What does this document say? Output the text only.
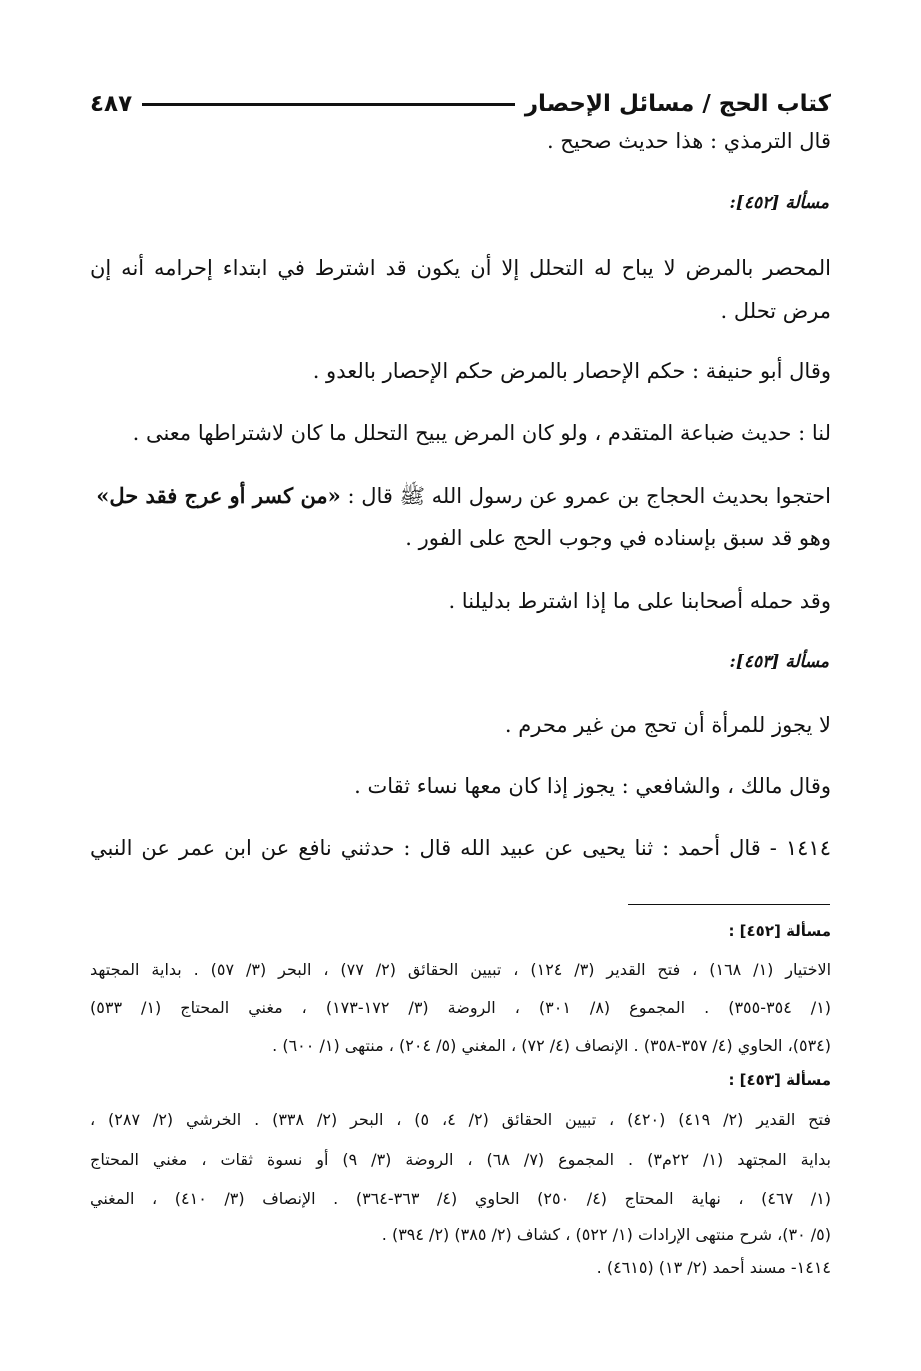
كتاب الحج / مسائل الإحصار
٤٨٧
قال الترمذي : هذا حديث صحيح .
مسألة [٤٥٢]:
المحصر بالمرض لا يباح له التحلل إلا أن يكون قد اشترط في ابتداء إحرامه أنه إن
مرض تحلل .
وقال أبو حنيفة : حكم الإحصار بالمرض حكم الإحصار بالعدو .
لنا : حديث ضباعة المتقدم ، ولو كان المرض يبيح التحلل ما كان لاشتراطها معنى .
احتجوا بحديث الحجاج بن عمرو عن رسول الله ﷺ قال : «من كسر أو عرج فقد حل»
وهو قد سبق بإسناده في وجوب الحج على الفور .
وقد حمله أصحابنا على ما إذا اشترط بدليلنا .
مسألة [٤٥٣]:
لا يجوز للمرأة أن تحج من غير محرم .
وقال مالك ، والشافعي : يجوز إذا كان معها نساء ثقات .
١٤١٤ - قال أحمد : ثنا يحيى عن عبيد الله قال : حدثني نافع عن ابن عمر عن النبي
مسألة [٤٥٢] :
الاختيار (١/ ١٦٨) ، فتح القدير (٣/ ١٢٤) ، تبيين الحقائق (٢/ ٧٧) ، البحر (٣/ ٥٧) . بداية المجتهد
(١/ ٣٥٤-٣٥٥) . المجموع (٨/ ٣٠١) ، الروضة (٣/ ١٧٢-١٧٣) ، مغني المحتاج (١/ ٥٣٣)
(٥٣٤)، الحاوي (٤/ ٣٥٧-٣٥٨) . الإنصاف (٤/ ٧٢) ، المغني (٥/ ٢٠٤) ، منتهى (١/ ٦٠٠) .
مسألة [٤٥٣] :
فتح القدير (٢/ ٤١٩) (٤٢٠) ، تبيين الحقائق (٢/ ٤، ٥) ، البحر (٢/ ٣٣٨) . الخرشي (٢/ ٢٨٧) ،
بداية المجتهد (١/ ٢٢م٣) . المجموع (٧/ ٦٨) ، الروضة (٣/ ٩) أو نسوة ثقات ، مغني المحتاج
(١/ ٤٦٧) ، نهاية المحتاج (٤/ ٢٥٠) الحاوي (٤/ ٣٦٣-٣٦٤) . الإنصاف (٣/ ٤١٠) ، المغني
(٥/ ٣٠)، شرح منتهى الإرادات (١/ ٥٢٢) ، كشاف (٢/ ٣٨٥) (٢/ ٣٩٤) .
١٤١٤- مسند أحمد (٢/ ١٣) (٤٦١٥) .
